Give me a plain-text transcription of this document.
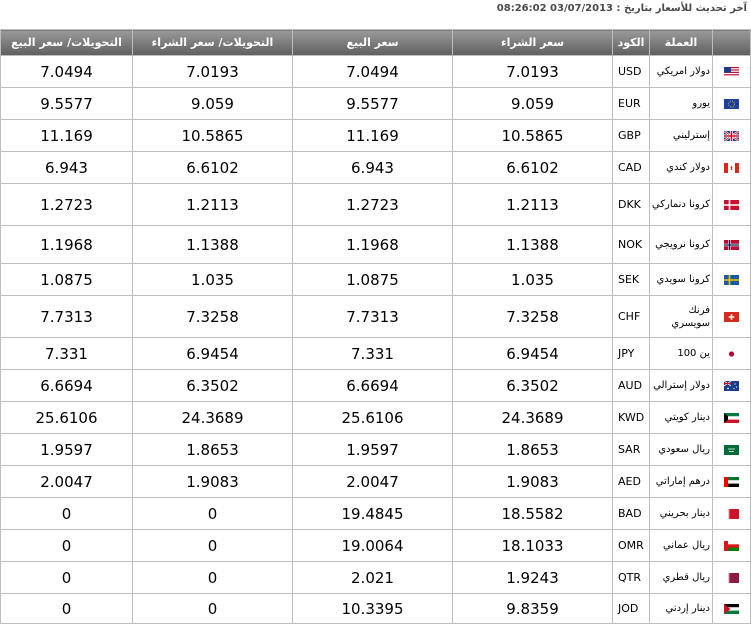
آخر تحديث للأسعار بتاريخ : 03/07/2013 08:26:02
	العملة	الكود	سعر الشراء	سعر البيع	التحويلات/ سعر الشراء	التحويلات/ سعر البيع
	دولار امريكي	USD	7.0193	7.0494	7.0193	7.0494
	يورو	EUR	9.059	9.5577	9.059	9.5577
	إسترليني	GBP	10.5865	11.169	10.5865	11.169
	دولار كندي	CAD	6.6102	6.943	6.6102	6.943
	كرونا دنماركي	DKK	1.2113	1.2723	1.2113	1.2723
	كرونا نرويجي	NOK	1.1388	1.1968	1.1388	1.1968
	كرونا سويدي	SEK	1.035	1.0875	1.035	1.0875
	فرنك سويسري	CHF	7.3258	7.7313	7.3258	7.7313
	ين 100	JPY	6.9454	7.331	6.9454	7.331
	دولار إسترالي	AUD	6.3502	6.6694	6.3502	6.6694
	دينار كويتي	KWD	24.3689	25.6106	24.3689	25.6106
	ريال سعودي	SAR	1.8653	1.9597	1.8653	1.9597
	درهم إماراتي	AED	1.9083	2.0047	1.9083	2.0047
	دينار بحريني	BAD	18.5582	19.4845	0	0
	ريال عماني	OMR	18.1033	19.0064	0	0
	ريال قطري	QTR	1.9243	2.021	0	0
	دينار إردني	JOD	9.8359	10.3395	0	0
